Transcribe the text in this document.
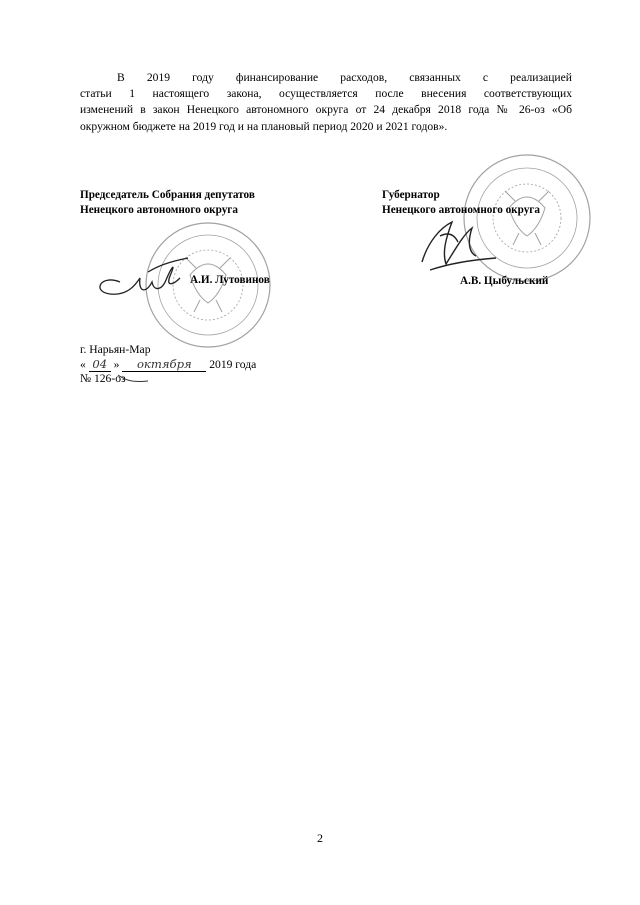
В 2019 году финансирование расходов, связанных с реализацией
статьи 1 настоящего закона, осуществляется после внесения соответствующих
изменений в закон Ненецкого автономного округа от 24 декабря 2018 года № 26-оз «Об
окружном бюджете на 2019 год и на плановый период 2020 и 2021 годов».
Председатель Собрания депутатов
Ненецкого автономного округа
А.И. Лутовинов
Губернатор
Ненецкого автономного округа
А.В. Цыбульский
г. Нарьян-Мар
« 04 » октября 2019 года
№ 126-оз
2
